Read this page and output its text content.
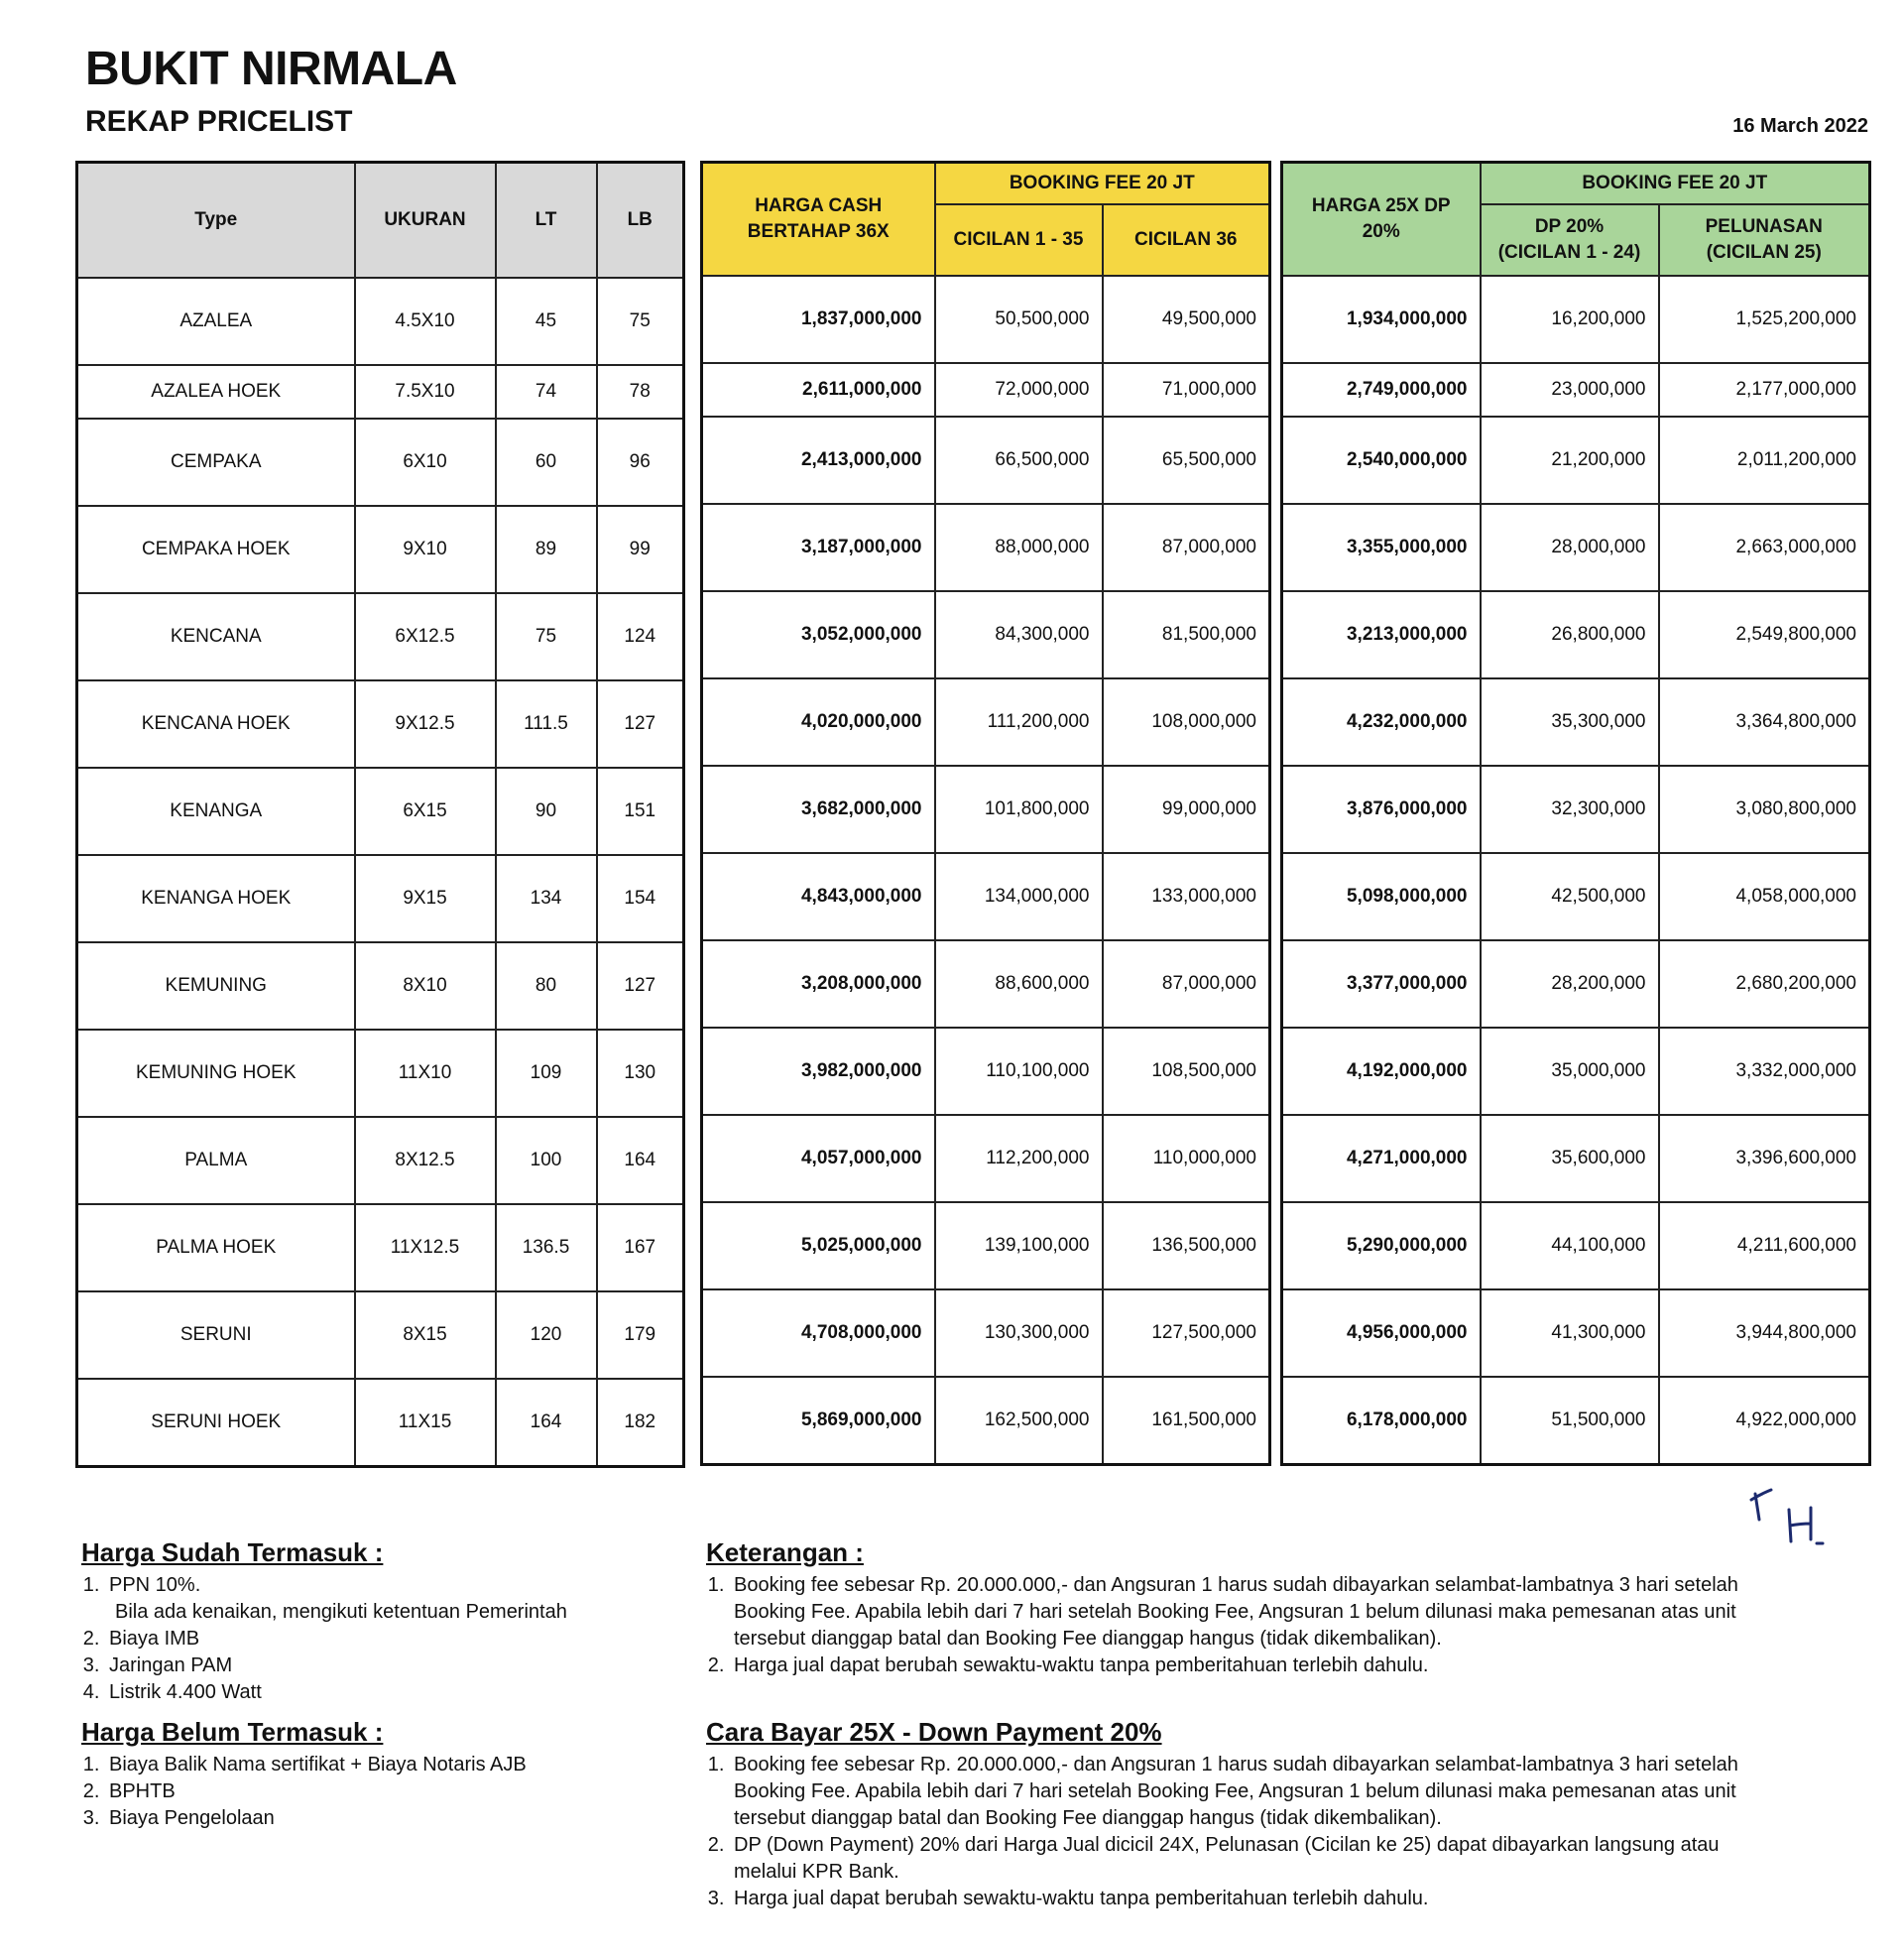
BUKIT NIRMALA
REKAP PRICELIST	16 March 2022
Type	UKURAN	LT	LB
AZALEA	4.5X10	45	75
AZALEA HOEK	7.5X10	74	78
CEMPAKA	6X10	60	96
CEMPAKA HOEK	9X10	89	99
KENCANA	6X12.5	75	124
KENCANA HOEK	9X12.5	111.5	127
KENANGA	6X15	90	151
KENANGA HOEK	9X15	134	154
KEMUNING	8X10	80	127
KEMUNING HOEK	11X10	109	130
PALMA	8X12.5	100	164
PALMA HOEK	11X12.5	136.5	167
SERUNI	8X15	120	179
SERUNI HOEK	11X15	164	182
HARGA CASH BERTAHAP 36X	BOOKING FEE 20 JT	
	CICILAN 1 - 35	CICILAN 36
1,837,000,000	50,500,000	49,500,000
2,611,000,000	72,000,000	71,000,000
2,413,000,000	66,500,000	65,500,000
3,187,000,000	88,000,000	87,000,000
3,052,000,000	84,300,000	81,500,000
4,020,000,000	111,200,000	108,000,000
3,682,000,000	101,800,000	99,000,000
4,843,000,000	134,000,000	133,000,000
3,208,000,000	88,600,000	87,000,000
3,982,000,000	110,100,000	108,500,000
4,057,000,000	112,200,000	110,000,000
5,025,000,000	139,100,000	136,500,000
4,708,000,000	130,300,000	127,500,000
5,869,000,000	162,500,000	161,500,000
HARGA 25X DP 20%	BOOKING FEE 20 JT	
	DP 20% (CICILAN 1 - 24)	PELUNASAN (CICILAN 25)
1,934,000,000	16,200,000	1,525,200,000
2,749,000,000	23,000,000	2,177,000,000
2,540,000,000	21,200,000	2,011,200,000
3,355,000,000	28,000,000	2,663,000,000
3,213,000,000	26,800,000	2,549,800,000
4,232,000,000	35,300,000	3,364,800,000
3,876,000,000	32,300,000	3,080,800,000
5,098,000,000	42,500,000	4,058,000,000
3,377,000,000	28,200,000	2,680,200,000
4,192,000,000	35,000,000	3,332,000,000
4,271,000,000	35,600,000	3,396,600,000
5,290,000,000	44,100,000	4,211,600,000
4,956,000,000	41,300,000	3,944,800,000
6,178,000,000	51,500,000	4,922,000,000
Harga Sudah Termasuk :
1. PPN 10%.
Bila ada kenaikan, mengikuti ketentuan Pemerintah
2. Biaya IMB
3. Jaringan PAM
4. Listrik 4.400 Watt
Harga Belum Termasuk :
1. Biaya Balik Nama sertifikat + Biaya Notaris AJB
2. BPHTB
3. Biaya Pengelolaan
Keterangan :
1. Booking fee sebesar Rp. 20.000.000,- dan Angsuran 1 harus sudah dibayarkan selambat-lambatnya 3 hari setelah Booking Fee. Apabila lebih dari 7 hari setelah Booking Fee, Angsuran 1 belum dilunasi maka pemesanan atas unit tersebut dianggap batal dan Booking Fee dianggap hangus (tidak dikembalikan).
2. Harga jual dapat berubah sewaktu-waktu tanpa pemberitahuan terlebih dahulu.
Cara Bayar 25X - Down Payment 20%
1. Booking fee sebesar Rp. 20.000.000,- dan Angsuran 1 harus sudah dibayarkan selambat-lambatnya 3 hari setelah Booking Fee. Apabila lebih dari 7 hari setelah Booking Fee, Angsuran 1 belum dilunasi maka pemesanan atas unit tersebut dianggap batal dan Booking Fee dianggap hangus (tidak dikembalikan).
2. DP (Down Payment) 20% dari Harga Jual dicicil 24X, Pelunasan (Cicilan ke 25) dapat dibayarkan langsung atau melalui KPR Bank.
3. Harga jual dapat berubah sewaktu-waktu tanpa pemberitahuan terlebih dahulu.
